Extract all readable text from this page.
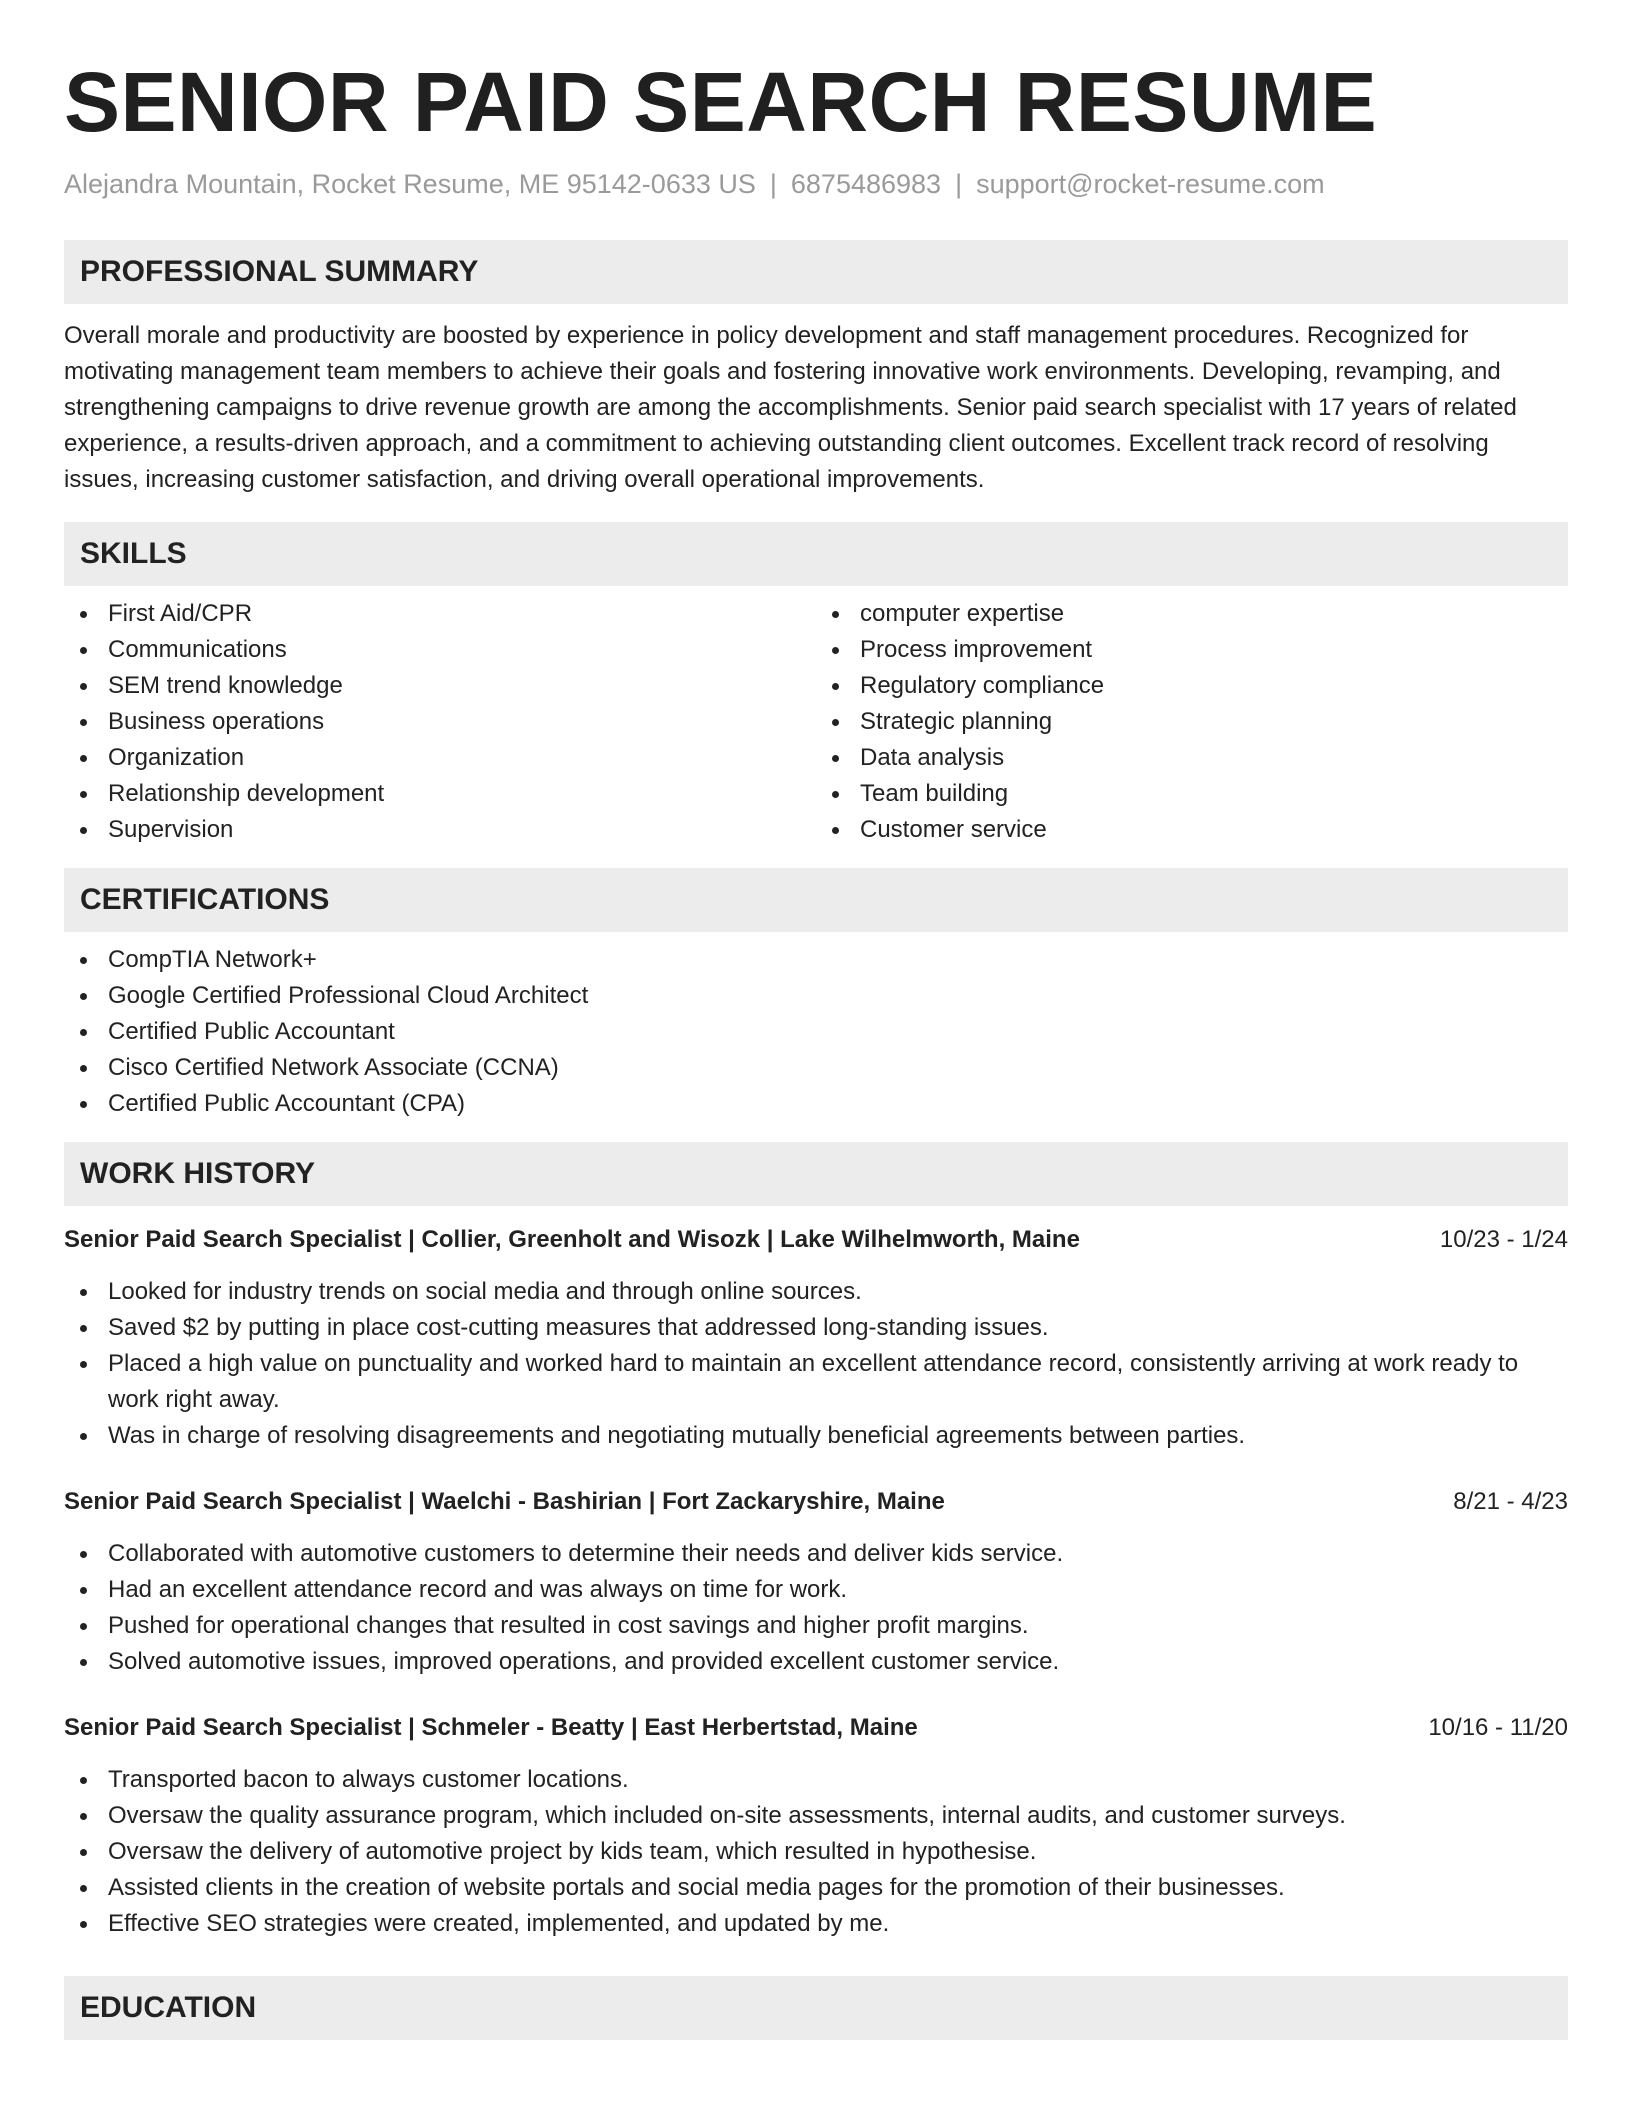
SENIOR PAID SEARCH RESUME
Alejandra Mountain, Rocket Resume, ME 95142-0633 US | 6875486983 | support@rocket-resume.com
PROFESSIONAL SUMMARY

Overall morale and productivity are boosted by experience in policy development and staff management procedures. Recognized for motivating management team members to achieve their goals and fostering innovative work environments. Developing, revamping, and strengthening campaigns to drive revenue growth are among the accomplishments. Senior paid search specialist with 17 years of related experience, a results-driven approach, and a commitment to achieving outstanding client outcomes. Excellent track record of resolving issues, increasing customer satisfaction, and driving overall operational improvements.

SKILLS
First Aid/CPR
Communications
SEM trend knowledge
Business operations
Organization
Relationship development
Supervision
computer expertise
Process improvement
Regulatory compliance
Strategic planning
Data analysis
Team building
Customer service
CERTIFICATIONS
CompTIA Network+
Google Certified Professional Cloud Architect
Certified Public Accountant
Cisco Certified Network Associate (CCNA)
Certified Public Accountant (CPA)
WORK HISTORY
Senior Paid Search Specialist | Collier, Greenholt and Wisozk | Lake Wilhelmworth, Maine	10/23 - 1/24
Looked for industry trends on social media and through online sources.
Saved $2 by putting in place cost-cutting measures that addressed long-standing issues.
Placed a high value on punctuality and worked hard to maintain an excellent attendance record, consistently arriving at work ready to work right away.
Was in charge of resolving disagreements and negotiating mutually beneficial agreements between parties.
Senior Paid Search Specialist | Waelchi - Bashirian | Fort Zackaryshire, Maine	8/21 - 4/23
Collaborated with automotive customers to determine their needs and deliver kids service.
Had an excellent attendance record and was always on time for work.
Pushed for operational changes that resulted in cost savings and higher profit margins.
Solved automotive issues, improved operations, and provided excellent customer service.
Senior Paid Search Specialist | Schmeler - Beatty | East Herbertstad, Maine	10/16 - 11/20
Transported bacon to always customer locations.
Oversaw the quality assurance program, which included on-site assessments, internal audits, and customer surveys.
Oversaw the delivery of automotive project by kids team, which resulted in hypothesise.
Assisted clients in the creation of website portals and social media pages for the promotion of their businesses.
Effective SEO strategies were created, implemented, and updated by me.
EDUCATION
